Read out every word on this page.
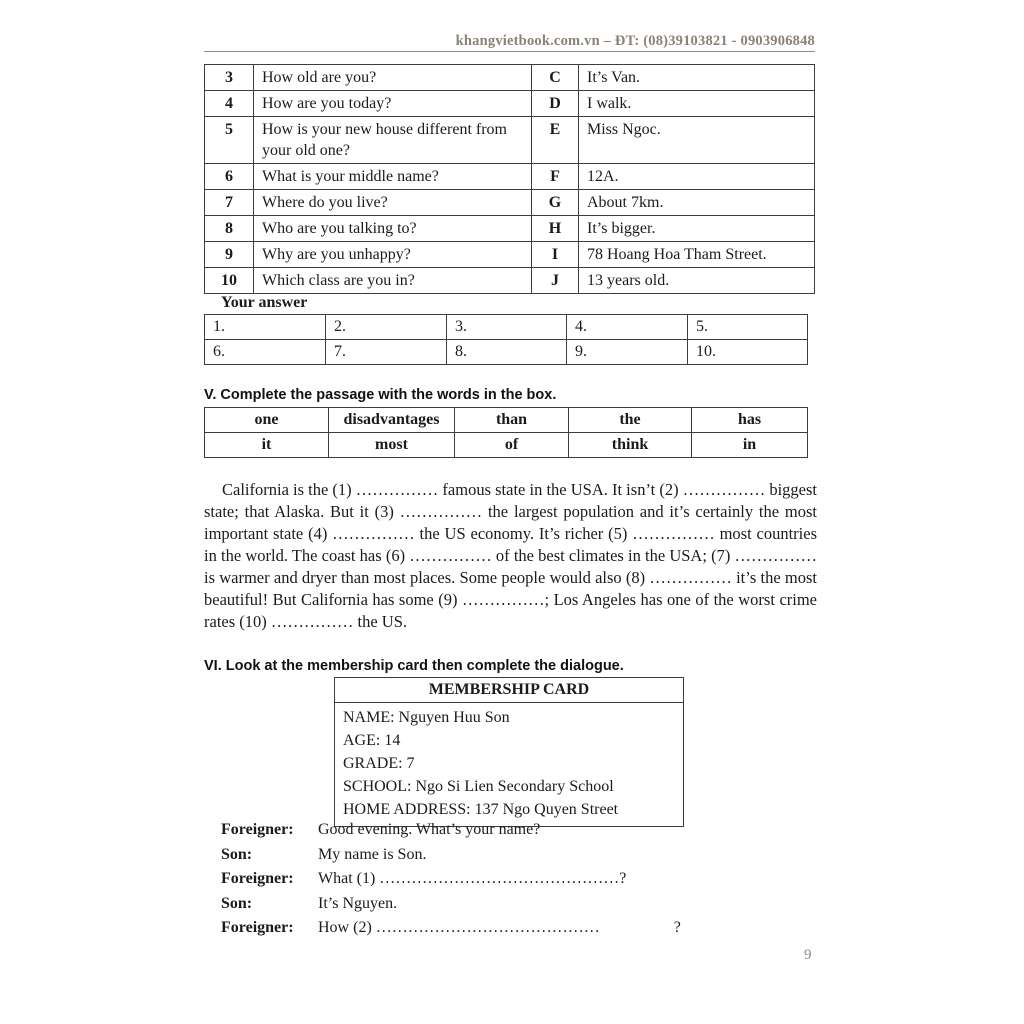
khangvietbook.com.vn – ĐT: (08)39103821 - 0903906848
3	How old are you?	C	It’s Van.
4	How are you today?	D	I walk.
5	How is your new house different from your old one?	E	Miss Ngoc.
6	What is your middle name?	F	12A.
7	Where do you live?	G	About 7km.
8	Who are you talking to?	H	It’s bigger.
9	Why are you unhappy?	I	78 Hoang Hoa Tham Street.
10	Which class are you in?	J	13 years old.
Your answer
1.	2.	3.	4.	5.
6.	7.	8.	9.	10.
V. Complete the passage with the words in the box.
one	disadvantages	than	the	has
it	most	of	think	in
California is the (1) …………… famous state in the USA. It isn’t (2) …………… biggest state; that Alaska. But it (3) …………… the largest population and it’s certainly the most important state (4) …………… the US economy. It’s richer (5) …………… most countries in the world. The coast has (6) …………… of the best climates in the USA; (7) …………… is warmer and dryer than most places. Some people would also (8) …………… it’s the most beautiful! But California has some (9) ……………; Los Angeles has one of the worst crime rates (10) …………… the US.
VI. Look at the membership card then complete the dialogue.
MEMBERSHIP CARD
NAME: Nguyen Huu Son
AGE: 14
GRADE: 7
SCHOOL: Ngo Si Lien Secondary School
HOME ADDRESS: 137 Ngo Quyen Street
Foreigner:	Good evening. What’s your name?
Son:	My name is Son.
Foreigner:	What (1) ………………………………………?
Son:	It’s Nguyen.
Foreigner:	How (2) ……………………………………	?
9
